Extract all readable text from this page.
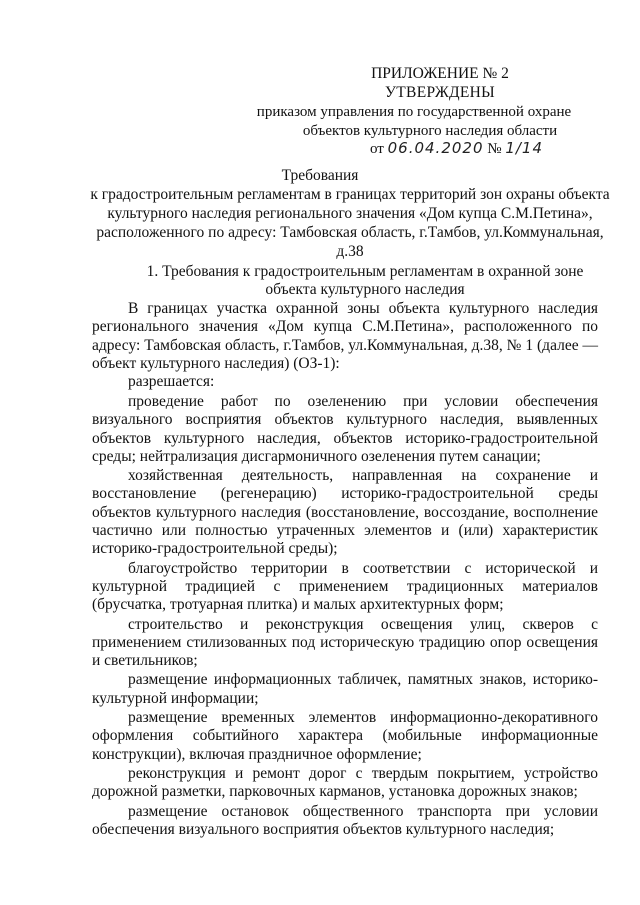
ПРИЛОЖЕНИЕ № 2
УТВЕРЖДЕНЫ
приказом управления по государственной охране
объектов культурного наследия области
от 06.04.2020 № 1/14
Требования
к градостроительным регламентам в границах территорий зон охраны объекта культурного наследия регионального значения «Дом купца С.М.Петина», расположенного по адресу: Тамбовская область, г.Тамбов, ул.Коммунальная, д.38
1. Требования к градостроительным регламентам в охранной зоне объекта культурного наследия

В границах участка охранной зоны объекта культурного наследия регионального значения «Дом купца С.М.Петина», расположенного по адресу: Тамбовская область, г.Тамбов, ул.Коммунальная, д.38, № 1 (далее — объект культурного наследия) (ОЗ-1):

разрешается:

проведение работ по озеленению при условии обеспечения визуального восприятия объектов культурного наследия, выявленных объектов культурного наследия, объектов историко-градостроительной среды; нейтрализация дисгармоничного озеленения путем санации;

хозяйственная деятельность, направленная на сохранение и восстановление (регенерацию) историко-градостроительной среды объектов культурного наследия (восстановление, воссоздание, восполнение частично или полностью утраченных элементов и (или) характеристик историко-градостроительной среды);

благоустройство территории в соответствии с исторической и культурной традицией с применением традиционных материалов (брусчатка, тротуарная плитка) и малых архитектурных форм;

строительство и реконструкция освещения улиц, скверов с применением стилизованных под историческую традицию опор освещения и светильников;

размещение информационных табличек, памятных знаков, историко-культурной информации;

размещение временных элементов информационно-декоративного оформления событийного характера (мобильные информационные конструкции), включая праздничное оформление;

реконструкция и ремонт дорог с твердым покрытием, устройство дорожной разметки, парковочных карманов, установка дорожных знаков;

размещение остановок общественного транспорта при условии обеспечения визуального восприятия объектов культурного наследия;
